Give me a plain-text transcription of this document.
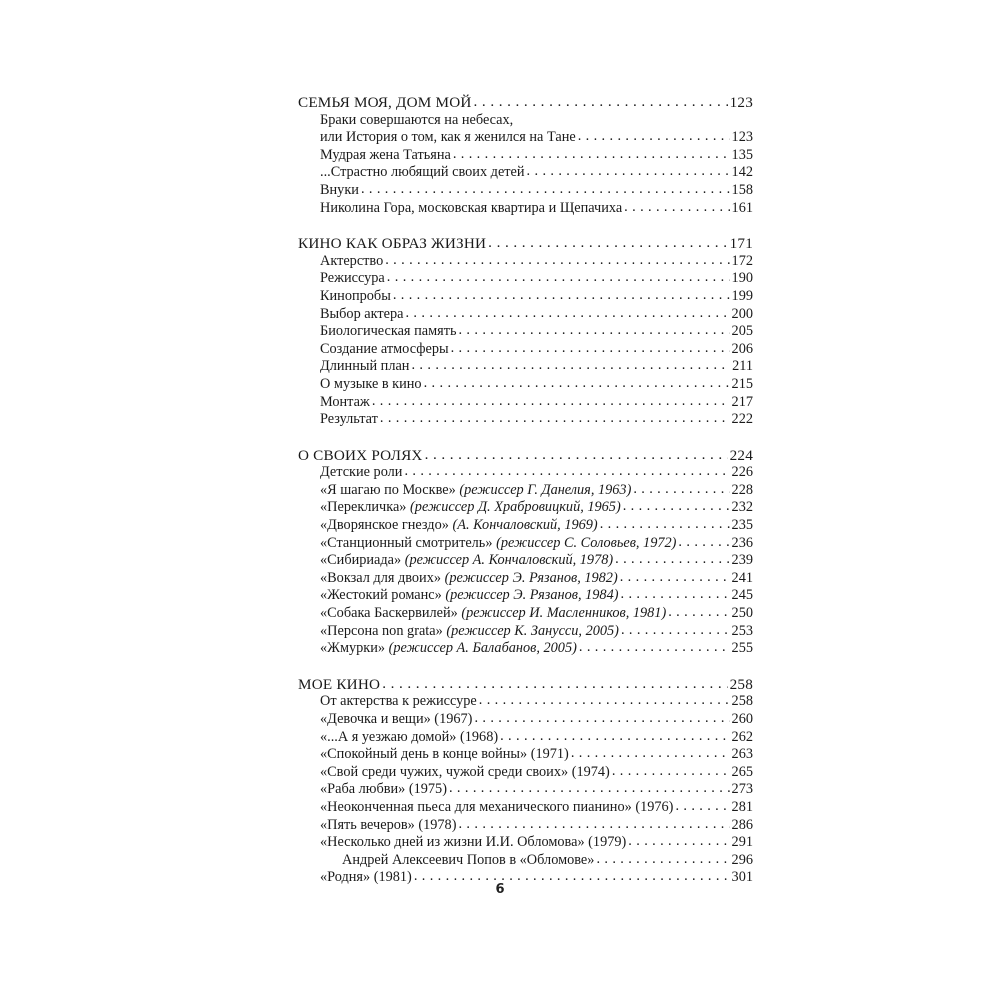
СЕМЬЯ МОЯ, ДОМ МОЙ . . .	123
Браки совершаются на небесах,
или История о том, как я женился на Тане . . .	123
Мудрая жена Татьяна . . .	135
...Страстно любящий своих детей . . .	142
Внуки . . .	158
Николина Гора, московская квартира и Щепачиха . . .	161
КИНО КАК ОБРАЗ ЖИЗНИ . . .	171
Актерство . . .	172
Режиссура . . .	190
Кинопробы . . .	199
Выбор актера . . .	200
Биологическая память . . .	205
Создание атмосферы . . .	206
Длинный план . . .	211
О музыке в кино . . .	215
Монтаж . . .	217
Результат . . .	222
О СВОИХ РОЛЯХ . . .	224
Детские роли . . .	226
«Я шагаю по Москве» (режиссер Г. Данелия, 1963) . . .	228
«Перекличка» (режиссер Д. Храбровицкий, 1965) . . .	232
«Дворянское гнездо» (А. Кончаловский, 1969) . . .	235
«Станционный смотритель» (режиссер С. Соловьев, 1972) . . .	236
«Сибириада» (режиссер А. Кончаловский, 1978) . . .	239
«Вокзал для двоих» (режиссер Э. Рязанов, 1982) . . .	241
«Жестокий романс» (режиссер Э. Рязанов, 1984) . . .	245
«Собака Баскервилей» (режиссер И. Масленников, 1981) . . .	250
«Персона non grata» (режиссер К. Занусси, 2005) . . .	253
«Жмурки» (режиссер А. Балабанов, 2005) . . .	255
МОЕ КИНО . . .	258
От актерства к режиссуре . . .	258
«Девочка и вещи» (1967) . . .	260
«...А я уезжаю домой» (1968) . . .	262
«Спокойный день в конце войны» (1971) . . .	263
«Свой среди чужих, чужой среди своих» (1974) . . .	265
«Раба любви» (1975) . . .	273
«Неоконченная пьеса для механического пианино» (1976) . . .	281
«Пять вечеров» (1978) . . .	286
«Несколько дней из жизни И.И. Обломова» (1979) . . .	291
Андрей Алексеевич Попов в «Обломове» . . .	296
«Родня» (1981) . . .	301
6
